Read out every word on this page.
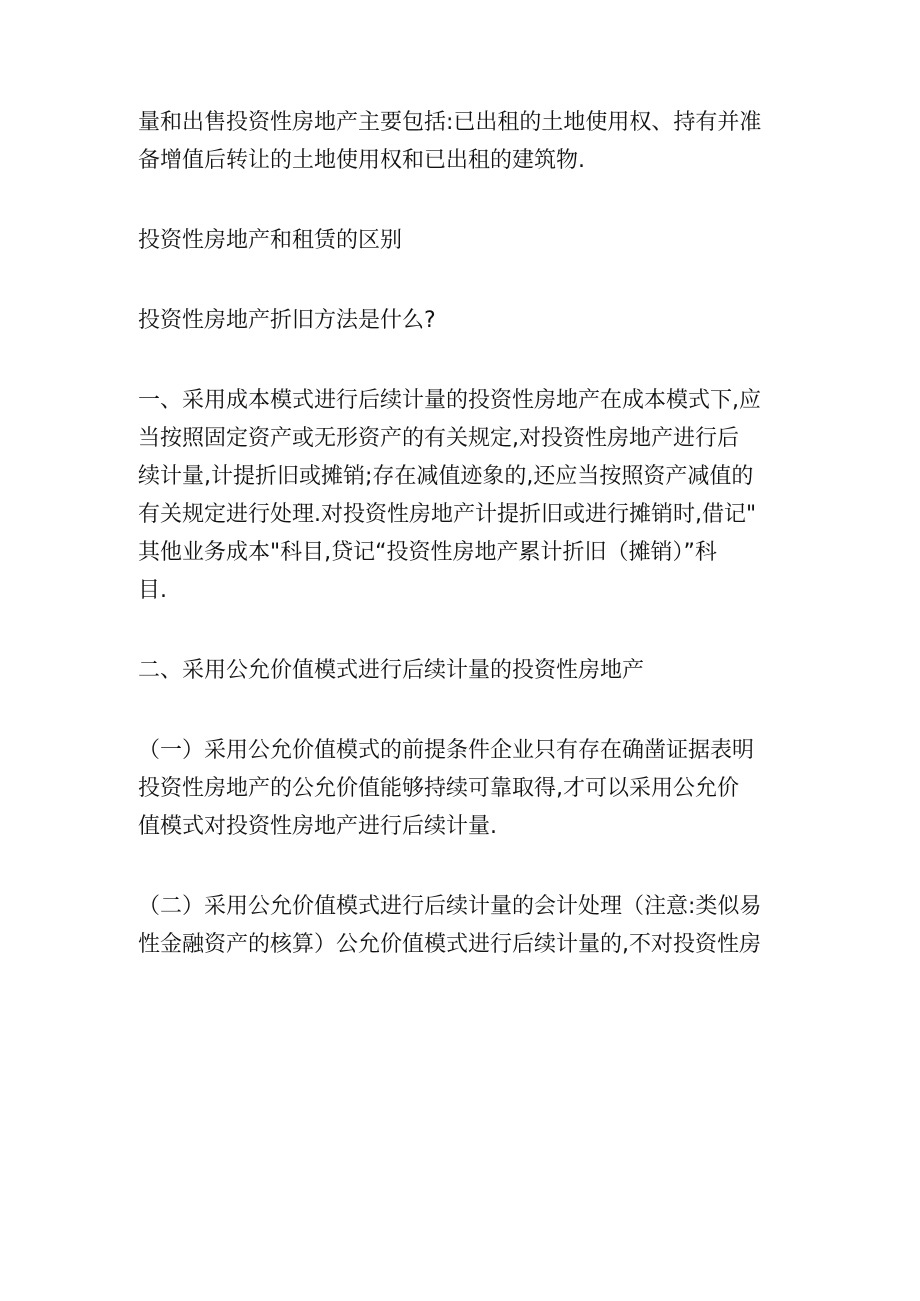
量和出售投资性房地产主要包括:已出租的土地使用权、持有并准
备增值后转让的土地使用权和已出租的建筑物.

投资性房地产和租赁的区别

投资性房地产折旧方法是什么?

一、采用成本模式进行后续计量的投资性房地产在成本模式下,应
当按照固定资产或无形资产的有关规定,对投资性房地产进行后
续计量,计提折旧或摊销;存在减值迹象的,还应当按照资产减值的
有关规定进行处理.对投资性房地产计提折旧或进行摊销时,借记"
其他业务成本"科目,贷记“投资性房地产累计折旧（摊销）”科
目.

二、采用公允价值模式进行后续计量的投资性房地产

（一）采用公允价值模式的前提条件企业只有存在确凿证据表明
投资性房地产的公允价值能够持续可靠取得,才可以采用公允价
值模式对投资性房地产进行后续计量.

（二）采用公允价值模式进行后续计量的会计处理（注意:类似易
性金融资产的核算）公允价值模式进行后续计量的,不对投资性房
